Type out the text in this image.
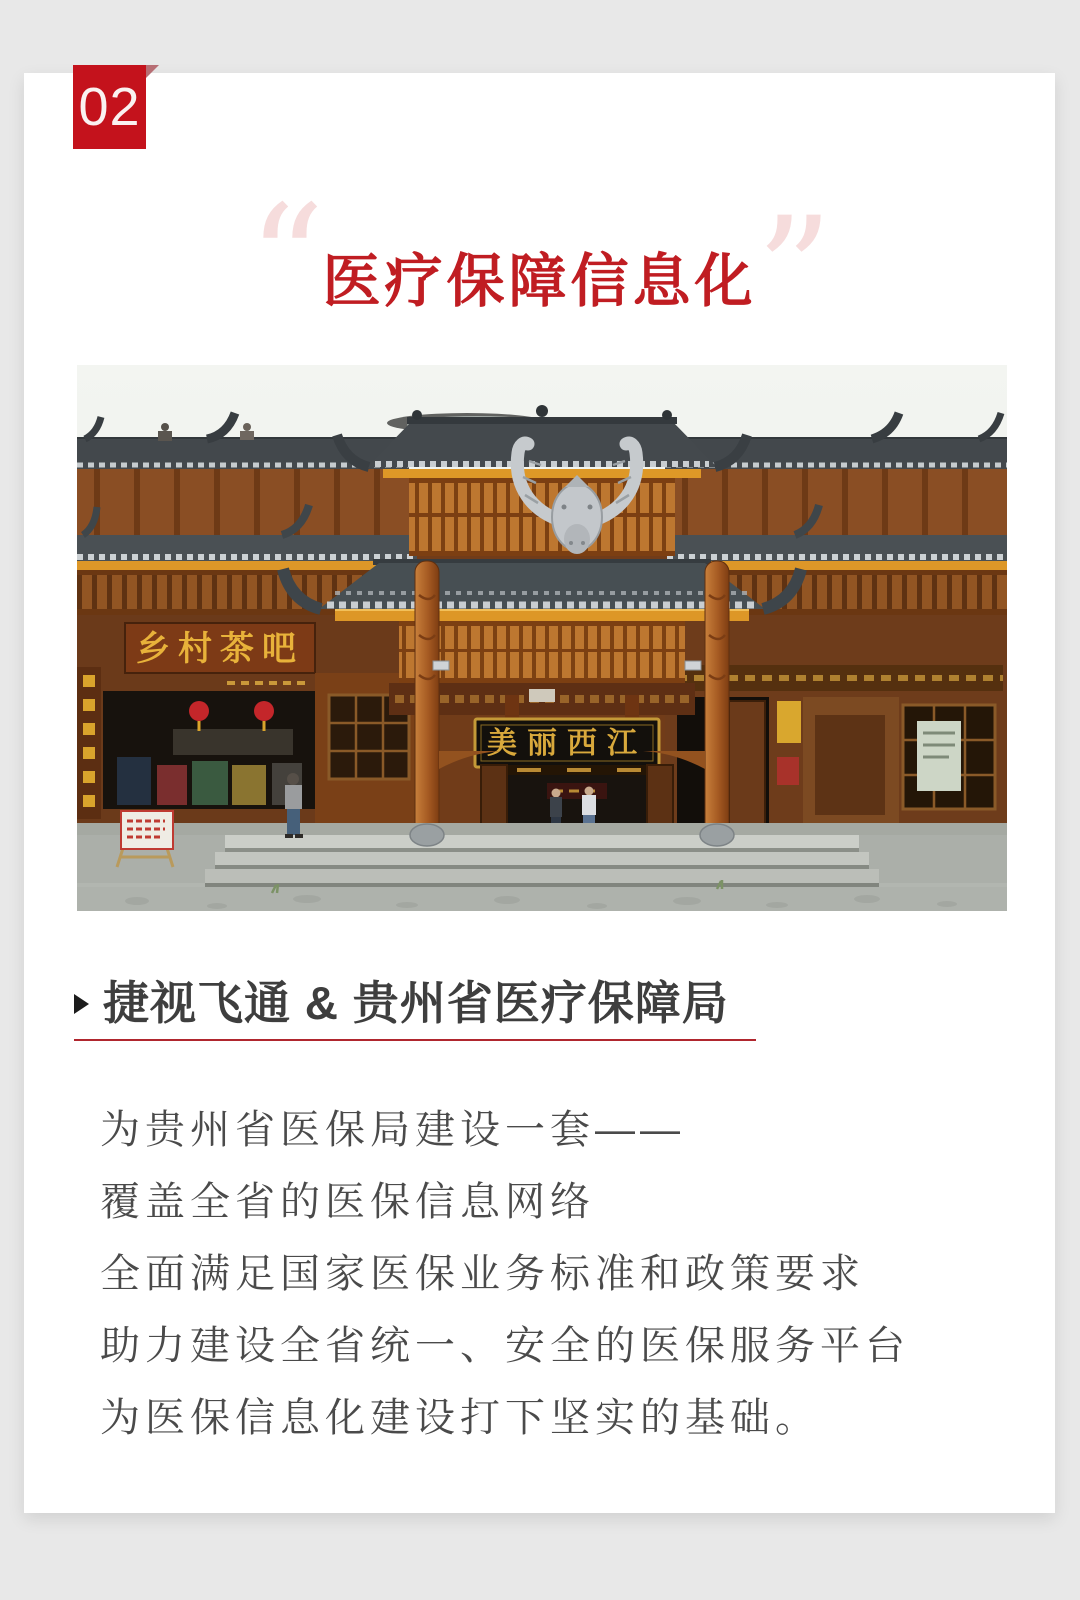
02
“
医疗保障信息化 ”
乡村茶吧
美丽西江
捷视飞通 & 贵州省医疗保障局
为贵州省医保局建设一套——
覆盖全省的医保信息网络
全面满足国家医保业务标准和政策要求
助力建设全省统一、安全的医保服务平台
为医保信息化建设打下坚实的基础。
